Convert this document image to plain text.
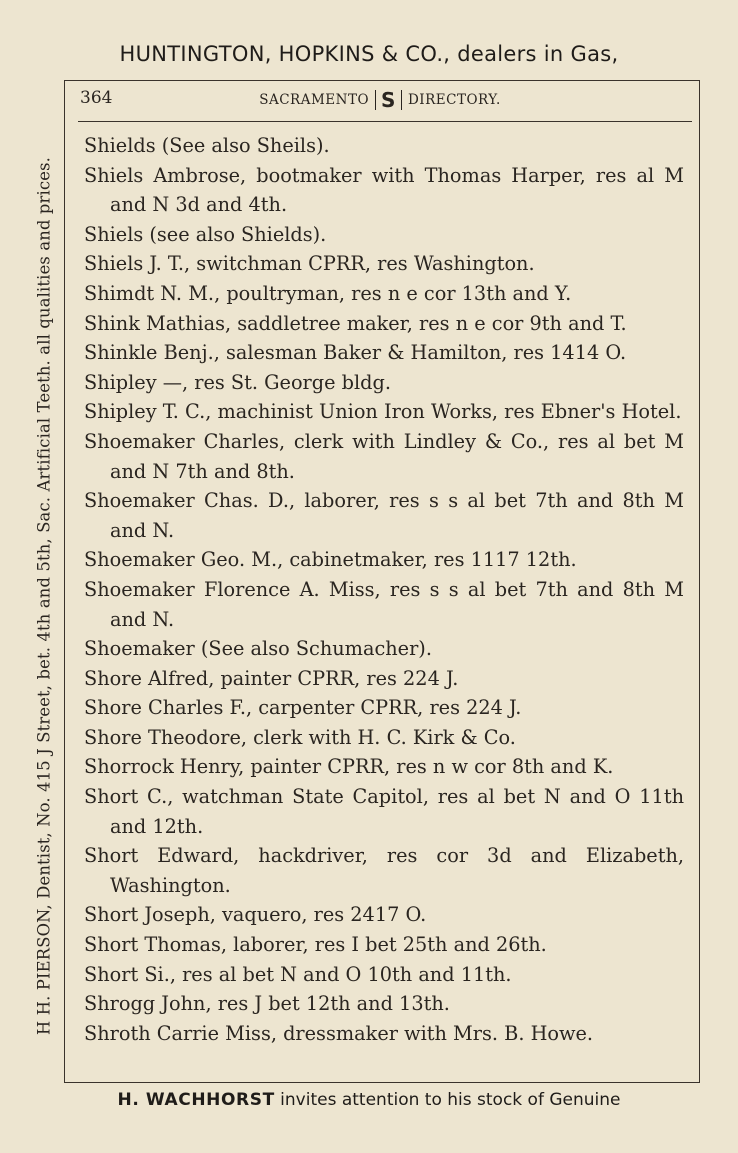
HUNTINGTON, HOPKINS & CO., dealers in Gas,
H H. PIERSON, Dentist, No. 415 J Street, bet. 4th and 5th, Sac. Artificial Teeth. all qualities and prices.
364	SACRAMENTO S DIRECTORY.
Shields (See also Sheils).
Shiels Ambrose, bootmaker with Thomas Harper, res al M and N 3d and 4th.
Shiels (see also Shields).
Shiels J. T., switchman CPRR, res Washington.
Shimdt N. M., poultryman, res n e cor 13th and Y.
Shink Mathias, saddletree maker, res n e cor 9th and T.
Shinkle Benj., salesman Baker & Hamilton, res 1414 O.
Shipley —, res St. George bldg.
Shipley T. C., machinist Union Iron Works, res Ebner's Hotel.
Shoemaker Charles, clerk with Lindley & Co., res al bet M and N 7th and 8th.
Shoemaker Chas. D., laborer, res s s al bet 7th and 8th M and N.
Shoemaker Geo. M., cabinetmaker, res 1117 12th.
Shoemaker Florence A. Miss, res s s al bet 7th and 8th M and N.
Shoemaker (See also Schumacher).
Shore Alfred, painter CPRR, res 224 J.
Shore Charles F., carpenter CPRR, res 224 J.
Shore Theodore, clerk with H. C. Kirk & Co.
Shorrock Henry, painter CPRR, res n w cor 8th and K.
Short C., watchman State Capitol, res al bet N and O 11th and 12th.
Short Edward, hackdriver, res cor 3d and Elizabeth, Washington.
Short Joseph, vaquero, res 2417 O.
Short Thomas, laborer, res I bet 25th and 26th.
Short Si., res al bet N and O 10th and 11th.
Shrogg John, res J bet 12th and 13th.
Shroth Carrie Miss, dressmaker with Mrs. B. Howe.
H. WACHHORST invites attention to his stock of Genuine
